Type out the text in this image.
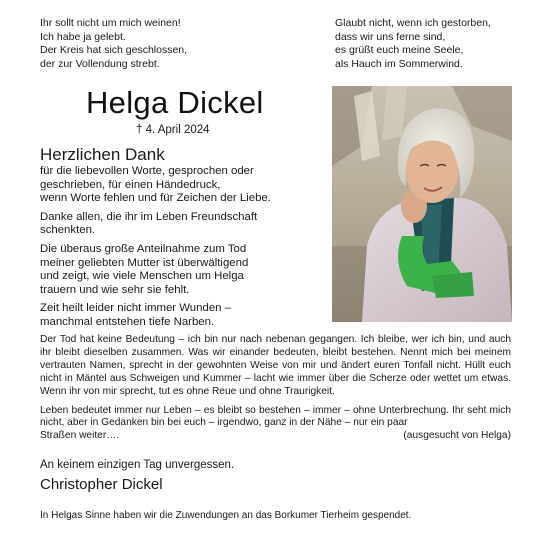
Ihr sollt nicht um mich weinen!
Ich habe ja gelebt.
Der Kreis hat sich geschlossen,
der zur Vollendung strebt.
Glaubt nicht, wenn ich gestorben,
dass wir uns ferne sind,
es grüßt euch meine Seele,
als Hauch im Sommerwind.
Helga Dickel
† 4. April 2024
Herzlichen Dank
für die liebevollen Worte, gesprochen oder
geschrieben, für einen Händedruck,
wenn Worte fehlen und für Zeichen der Liebe.
Danke allen, die ihr im Leben Freundschaft
schenkten.
Die überaus große Anteilnahme zum Tod
meiner geliebten Mutter ist überwältigend
und zeigt, wie viele Menschen um Helga
trauern und wie sehr sie fehlt.
Zeit heilt leider nicht immer Wunden –
manchmal entstehen tiefe Narben.

Der Tod hat keine Bedeutung – ich bin nur nach nebenan gegangen. Ich bleibe, wer ich bin, und auch ihr bleibt dieselben zusammen. Was wir einander bedeuten, bleibt bestehen. Nennt mich bei meinem vertrauten Namen, sprecht in der gewohnten Weise von mir und ändert euren Tonfall nicht. Hüllt euch nicht in Mäntel aus Schweigen und Kummer – lacht wie immer über die Scherze oder wettet um etwas. Wenn ihr von mir sprecht, tut es ohne Reue und ohne Traurigkeit.

Leben bedeutet immer nur Leben – es bleibt so bestehen – immer – ohne Unterbrechung. Ihr seht mich nicht, aber in Gedanken bin bei euch – irgendwo, ganz in der Nähe – nur ein paar

Straßen weiter….	(ausgesucht von Helga)
An keinem einzigen Tag unvergessen.
Christopher Dickel
In Helgas Sinne haben wir die Zuwendungen an das Borkumer Tierheim gespendet.
